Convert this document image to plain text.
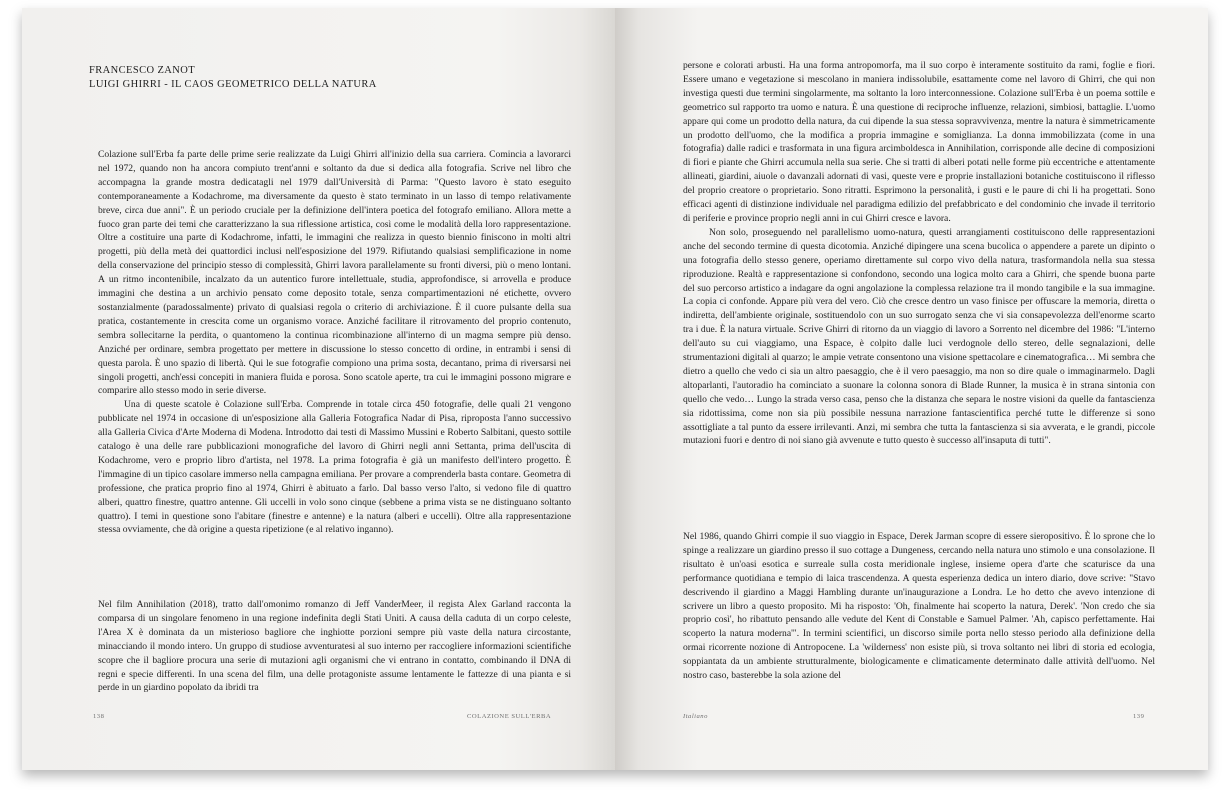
FRANCESCO ZANOT
LUIGI GHIRRI - IL CAOS GEOMETRICO DELLA NATURA

Colazione sull'Erba fa parte delle prime serie realizzate da Luigi Ghirri all'inizio della sua carriera. Comincia a lavorarci nel 1972, quando non ha ancora compiuto trent'anni e soltanto da due si dedica alla fotografia. Scrive nel libro che accompagna la grande mostra dedicatagli nel 1979 dall'Università di Parma: "Questo lavoro è stato eseguito contemporaneamente a Kodachrome, ma diversamente da questo è stato terminato in un lasso di tempo relativamente breve, circa due anni". È un periodo cruciale per la definizione dell'intera poetica del fotografo emiliano. Allora mette a fuoco gran parte dei temi che caratterizzano la sua riflessione artistica, così come le modalità della loro rappresentazione. Oltre a costituire una parte di Kodachrome, infatti, le immagini che realizza in questo biennio finiscono in molti altri progetti, più della metà dei quattordici inclusi nell'esposizione del 1979. Rifiutando qualsiasi semplificazione in nome della conservazione del principio stesso di complessità, Ghirri lavora parallelamente su fronti diversi, più o meno lontani. A un ritmo incontenibile, incalzato da un autentico furore intellettuale, studia, approfondisce, si arrovella e produce immagini che destina a un archivio pensato come deposito totale, senza compartimentazioni né etichette, ovvero sostanzialmente (paradossalmente) privato di qualsiasi regola o criterio di archiviazione. È il cuore pulsante della sua pratica, costantemente in crescita come un organismo vorace. Anziché facilitare il ritrovamento del proprio contenuto, sembra sollecitarne la perdita, o quantomeno la continua ricombinazione all'interno di un magma sempre più denso. Anziché per ordinare, sembra progettato per mettere in discussione lo stesso concetto di ordine, in entrambi i sensi di questa parola. È uno spazio di libertà. Qui le sue fotografie compiono una prima sosta, decantano, prima di riversarsi nei singoli progetti, anch'essi concepiti in maniera fluida e porosa. Sono scatole aperte, tra cui le immagini possono migrare e comparire allo stesso modo in serie diverse.

Una di queste scatole è Colazione sull'Erba. Comprende in totale circa 450 fotografie, delle quali 21 vengono pubblicate nel 1974 in occasione di un'esposizione alla Galleria Fotografica Nadar di Pisa, riproposta l'anno successivo alla Galleria Civica d'Arte Moderna di Modena. Introdotto dai testi di Massimo Mussini e Roberto Salbitani, questo sottile catalogo è una delle rare pubblicazioni monografiche del lavoro di Ghirri negli anni Settanta, prima dell'uscita di Kodachrome, vero e proprio libro d'artista, nel 1978. La prima fotografia è già un manifesto dell'intero progetto. È l'immagine di un tipico casolare immerso nella campagna emiliana. Per provare a comprenderla basta contare. Geometra di professione, che pratica proprio fino al 1974, Ghirri è abituato a farlo. Dal basso verso l'alto, si vedono file di quattro alberi, quattro finestre, quattro antenne. Gli uccelli in volo sono cinque (sebbene a prima vista se ne distinguano soltanto quattro). I temi in questione sono l'abitare (finestre e antenne) e la natura (alberi e uccelli). Oltre alla rappresentazione stessa ovviamente, che dà origine a questa ripetizione (e al relativo inganno).

Nel film Annihilation (2018), tratto dall'omonimo romanzo di Jeff VanderMeer, il regista Alex Garland racconta la comparsa di un singolare fenomeno in una regione indefinita degli Stati Uniti. A causa della caduta di un corpo celeste, l'Area X è dominata da un misterioso bagliore che inghiotte porzioni sempre più vaste della natura circostante, minacciando il mondo intero. Un gruppo di studiose avventuratesi al suo interno per raccogliere informazioni scientifiche scopre che il bagliore procura una serie di mutazioni agli organismi che vi entrano in contatto, combinando il DNA di regni e specie differenti. In una scena del film, una delle protagoniste assume lentamente le fattezze di una pianta e si perde in un giardino popolato da ibridi tra

138	COLAZIONE SULL'ERBA

persone e colorati arbusti. Ha una forma antropomorfa, ma il suo corpo è interamente sostituito da rami, foglie e fiori. Essere umano e vegetazione si mescolano in maniera indissolubile, esattamente come nel lavoro di Ghirri, che qui non investiga questi due termini singolarmente, ma soltanto la loro interconnessione. Colazione sull'Erba è un poema sottile e geometrico sul rapporto tra uomo e natura. È una questione di reciproche influenze, relazioni, simbiosi, battaglie. L'uomo appare qui come un prodotto della natura, da cui dipende la sua stessa sopravvivenza, mentre la natura è simmetricamente un prodotto dell'uomo, che la modifica a propria immagine e somiglianza. La donna immobilizzata (come in una fotografia) dalle radici e trasformata in una figura arcimboldesca in Annihilation, corrisponde alle decine di composizioni di fiori e piante che Ghirri accumula nella sua serie. Che si tratti di alberi potati nelle forme più eccentriche e attentamente allineati, giardini, aiuole o davanzali adornati di vasi, queste vere e proprie installazioni botaniche costituiscono il riflesso del proprio creatore o proprietario. Sono ritratti. Esprimono la personalità, i gusti e le paure di chi li ha progettati. Sono efficaci agenti di distinzione individuale nel paradigma edilizio del prefabbricato e del condominio che invade il territorio di periferie e province proprio negli anni in cui Ghirri cresce e lavora.

Non solo, proseguendo nel parallelismo uomo-natura, questi arrangiamenti costituiscono delle rappresentazioni anche del secondo termine di questa dicotomia. Anziché dipingere una scena bucolica o appendere a parete un dipinto o una fotografia dello stesso genere, operiamo direttamente sul corpo vivo della natura, trasformandola nella sua stessa riproduzione. Realtà e rappresentazione si confondono, secondo una logica molto cara a Ghirri, che spende buona parte del suo percorso artistico a indagare da ogni angolazione la complessa relazione tra il mondo tangibile e la sua immagine. La copia ci confonde. Appare più vera del vero. Ciò che cresce dentro un vaso finisce per offuscare la memoria, diretta o indiretta, dell'ambiente originale, sostituendolo con un suo surrogato senza che vi sia consapevolezza dell'enorme scarto tra i due. È la natura virtuale. Scrive Ghirri di ritorno da un viaggio di lavoro a Sorrento nel dicembre del 1986: "L'interno dell'auto su cui viaggiamo, una Espace, è colpito dalle luci verdognole dello stereo, delle segnalazioni, delle strumentazioni digitali al quarzo; le ampie vetrate consentono una visione spettacolare e cinematografica… Mi sembra che dietro a quello che vedo ci sia un altro paesaggio, che è il vero paesaggio, ma non so dire quale o immaginarmelo. Dagli altoparlanti, l'autoradio ha cominciato a suonare la colonna sonora di Blade Runner, la musica è in strana sintonia con quello che vedo… Lungo la strada verso casa, penso che la distanza che separa le nostre visioni da quelle da fantascienza sia ridottissima, come non sia più possibile nessuna narrazione fantascientifica perché tutte le differenze si sono assottigliate a tal punto da essere irrilevanti. Anzi, mi sembra che tutta la fantascienza si sia avverata, e le grandi, piccole mutazioni fuori e dentro di noi siano già avvenute e tutto questo è successo all'insaputa di tutti".

Nel 1986, quando Ghirri compie il suo viaggio in Espace, Derek Jarman scopre di essere sieropositivo. È lo sprone che lo spinge a realizzare un giardino presso il suo cottage a Dungeness, cercando nella natura uno stimolo e una consolazione. Il risultato è un'oasi esotica e surreale sulla costa meridionale inglese, insieme opera d'arte che scaturisce da una performance quotidiana e tempio di laica trascendenza. A questa esperienza dedica un intero diario, dove scrive: "Stavo descrivendo il giardino a Maggi Hambling durante un'inaugurazione a Londra. Le ho detto che avevo intenzione di scrivere un libro a questo proposito. Mi ha risposto: 'Oh, finalmente hai scoperto la natura, Derek'. 'Non credo che sia proprio così', ho ribattuto pensando alle vedute del Kent di Constable e Samuel Palmer. 'Ah, capisco perfettamente. Hai scoperto la natura moderna'". In termini scientifici, un discorso simile porta nello stesso periodo alla definizione della ormai ricorrente nozione di Antropocene. La 'wilderness' non esiste più, si trova soltanto nei libri di storia ed ecologia, soppiantata da un ambiente strutturalmente, biologicamente e climaticamente determinato dalle attività dell'uomo. Nel nostro caso, basterebbe la sola azione del

Italiano	139
